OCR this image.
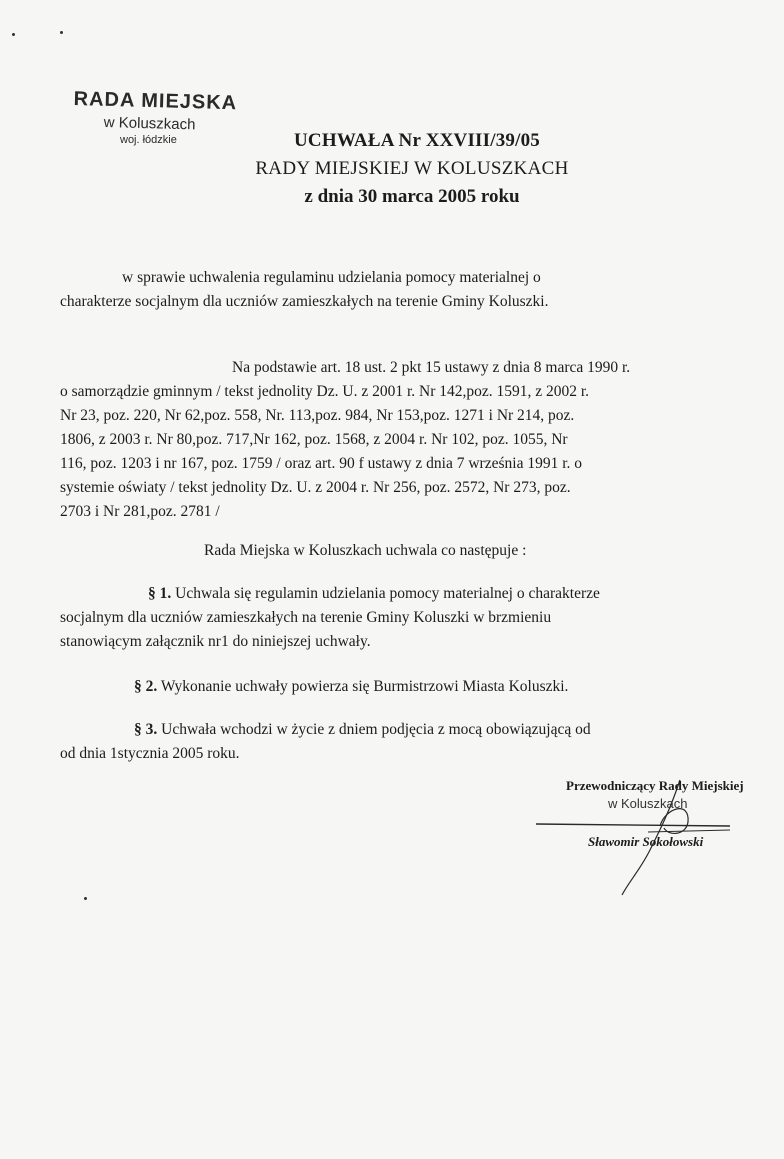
RADA MIEJSKA
w Koluszkach
woj. łódzkie	UCHWAŁA Nr XXVIII/39/05
RADY MIEJSKIEJ W KOLUSZKACH
z dnia 30 marca 2005 roku
w sprawie uchwalenia regulaminu udzielania pomocy materialnej o
charakterze socjalnym dla uczniów zamieszkałych na terenie Gminy Koluszki.
Na podstawie art. 18 ust. 2 pkt 15 ustawy z dnia 8 marca 1990 r.
o samorządzie gminnym / tekst jednolity Dz. U. z 2001 r. Nr 142,poz. 1591, z 2002 r.
Nr 23, poz. 220, Nr 62,poz. 558, Nr. 113,poz. 984, Nr 153,poz. 1271 i Nr 214, poz.
1806, z 2003 r. Nr 80,poz. 717,Nr 162, poz. 1568, z 2004 r. Nr 102, poz. 1055, Nr
116, poz. 1203 i nr 167, poz. 1759 / oraz art. 90 f ustawy z dnia 7 września 1991 r. o
systemie oświaty / tekst jednolity Dz. U. z 2004 r. Nr 256, poz. 2572, Nr 273, poz.
2703 i Nr 281,poz. 2781 /
Rada Miejska w Koluszkach uchwala co następuje :
§ 1. Uchwala się regulamin udzielania pomocy materialnej o charakterze
socjalnym dla uczniów zamieszkałych na terenie Gminy Koluszki w brzmieniu
stanowiącym załącznik nr1 do niniejszej uchwały.
§ 2. Wykonanie uchwały powierza się Burmistrzowi Miasta Koluszki.
§ 3. Uchwała wchodzi w życie z dniem podjęcia z mocą obowiązującą od
od dnia 1stycznia 2005 roku.
Przewodniczący Rady Miejskiej
w Koluszkach
Sławomir Sokołowski
